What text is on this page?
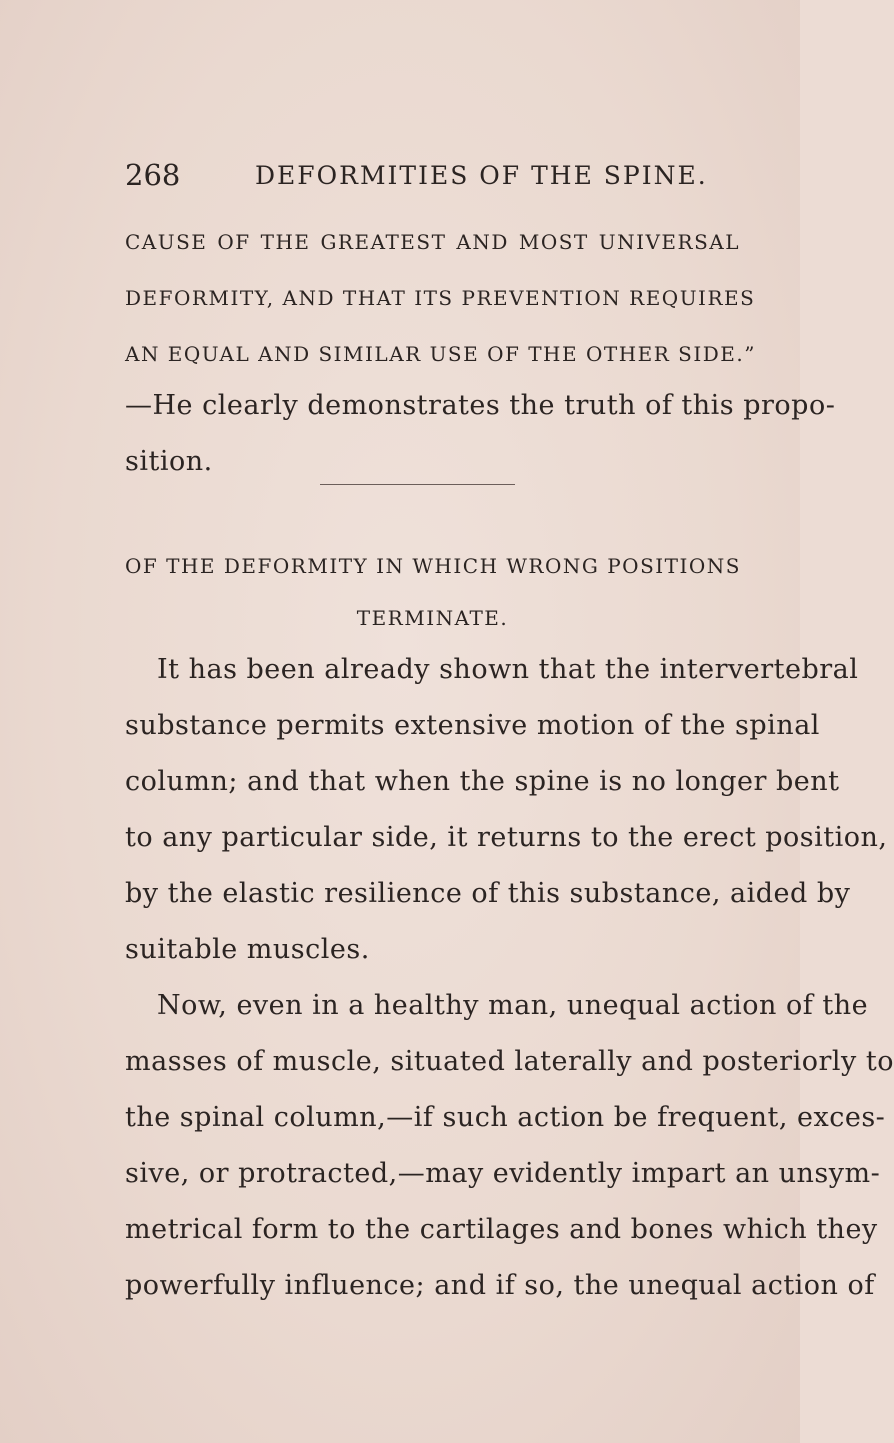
268	DEFORMITIES OF THE SPINE.
CAUSE OF THE GREATEST AND MOST UNIVERSAL
DEFORMITY, AND THAT ITS PREVENTION REQUIRES
AN EQUAL AND SIMILAR USE OF THE OTHER SIDE.”
—He clearly demonstrates the truth of this propo-
sition.
OF THE DEFORMITY IN WHICH WRONG POSITIONS
TERMINATE.
It has been already shown that the intervertebral
substance permits extensive motion of the spinal
column; and that when the spine is no longer bent
to any particular side, it returns to the erect position,
by the elastic resilience of this substance, aided by
suitable muscles.
Now, even in a healthy man, unequal action of the
masses of muscle, situated laterally and posteriorly to
the spinal column,—if such action be frequent, exces-
sive, or protracted,—may evidently impart an unsym-
metrical form to the cartilages and bones which they
powerfully influence; and if so, the unequal action of
